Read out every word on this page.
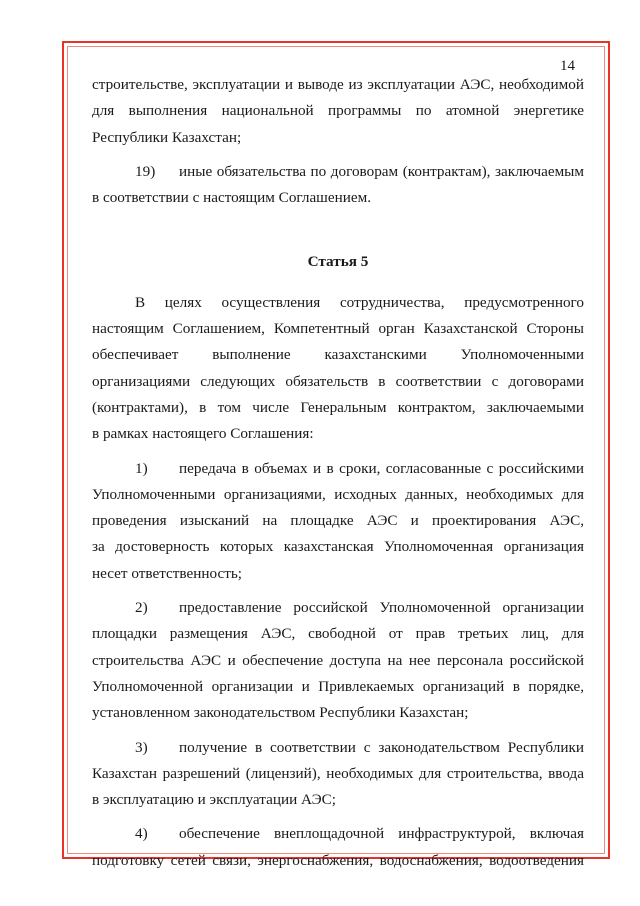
14
строительстве, эксплуатации и выводе из эксплуатации АЭС, необходимой
для выполнения национальной программы по атомной энергетике
Республики Казахстан;
19)	иные обязательства по договорам (контрактам), заключаемым
в соответствии с настоящим Соглашением.
Статья 5
В целях осуществления сотрудничества, предусмотренного
настоящим Соглашением, Компетентный орган Казахстанской Стороны
обеспечивает выполнение казахстанскими Уполномоченными
организациями следующих обязательств в соответствии с договорами
(контрактами), в том числе Генеральным контрактом, заключаемыми
в рамках настоящего Соглашения:
1)	передача в объемах и в сроки, согласованные с российскими
Уполномоченными организациями, исходных данных, необходимых для
проведения изысканий на площадке АЭС и проектирования АЭС,
за достоверность которых казахстанская Уполномоченная организация
несет ответственность;
2)	предоставление российской Уполномоченной организации
площадки размещения АЭС, свободной от прав третьих лиц, для
строительства АЭС и обеспечение доступа на нее персонала российской
Уполномоченной организации и Привлекаемых организаций в порядке,
установленном законодательством Республики Казахстан;
3)	получение в соответствии с законодательством Республики
Казахстан разрешений (лицензий), необходимых для строительства, ввода
в эксплуатацию и эксплуатации АЭС;
4)	обеспечение внеплощадочной инфраструктурой, включая
подготовку сетей связи, энергоснабжения, водоснабжения, водоотведения
